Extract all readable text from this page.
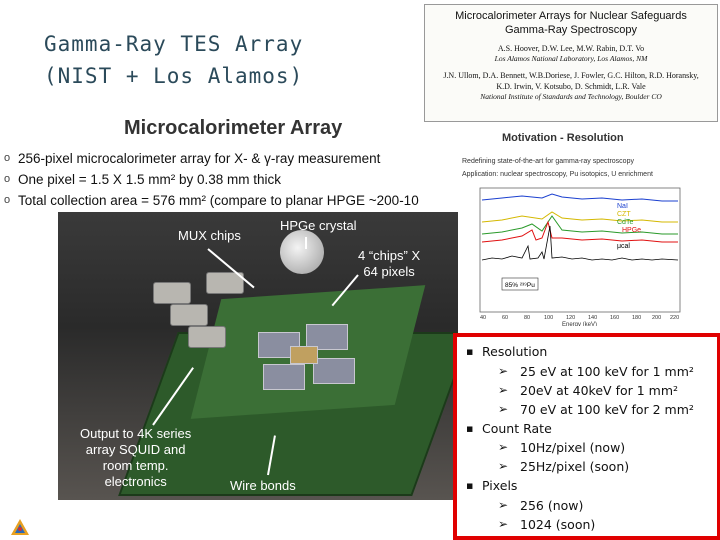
Gamma-Ray TES Array
(NIST + Los Alamos)
Microcalorimeter Arrays for Nuclear Safeguards
Gamma-Ray Spectroscopy
A.S. Hoover, D.W. Lee, M.W. Rabin, D.T. Vo
Los Alamos National Laboratory, Los Alamos, NM
J.N. Ullom, D.A. Bennett, W.B.Doriese, J. Fowler, G.C. Hilton, R.D. Horansky,
K.D. Irwin, V. Kotsubo, D. Schmidt, L.R. Vale
National Institute of Standards and Technology, Boulder CO
Microcalorimeter Array
o 256-pixel microcalorimeter array for X- & γ-ray measurement
o One pixel = 1.5 X 1.5 mm² by 0.38 mm thick
o Total collection area = 576 mm² (compare to planar HPGE ~200-10
MUX chips
HPGe crystal
4 “chips” X
64 pixels
Output to 4K series
array SQUID and
room temp.
electronics	Wire bonds
Motivation - Resolution
Redefining state-of-the-art for gamma-ray spectroscopy
Application: nuclear spectroscopy, Pu isotopics, U enrichment
NaI
CZT
CdTe
HPGe
μcal
85% ²³⁹Pu
40	60	80	100 120 140 160 180 200 220
Energy (keV)
▪ Resolution
➢ 25 eV at 100 keV for 1 mm²
➢ 20eV at 40keV for 1 mm²
➢ 70 eV at 100 keV for 2 mm²
▪ Count Rate
➢ 10Hz/pixel (now)
➢ 25Hz/pixel (soon)
▪ Pixels
➢ 256 (now)
➢ 1024 (soon)
